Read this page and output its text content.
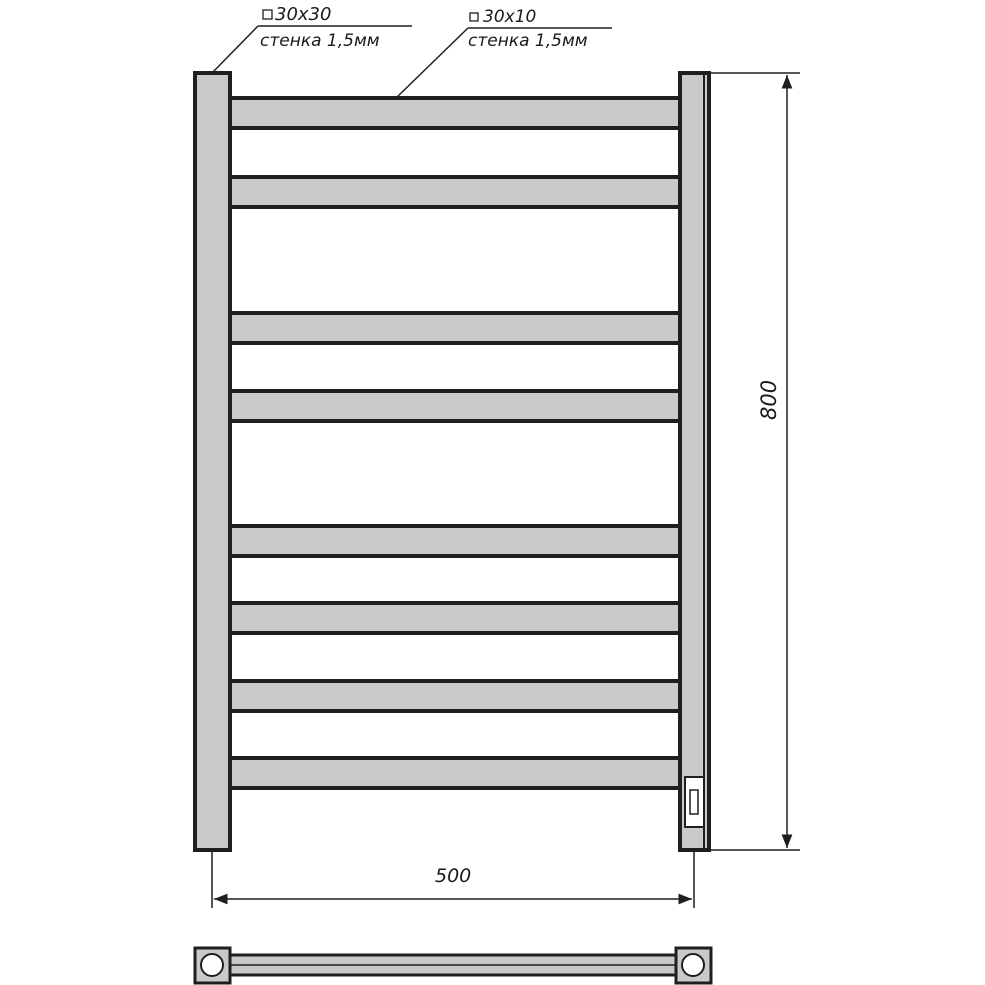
30x30
стенка 1,5мм
30x10
стенка 1,5мм
800
500
